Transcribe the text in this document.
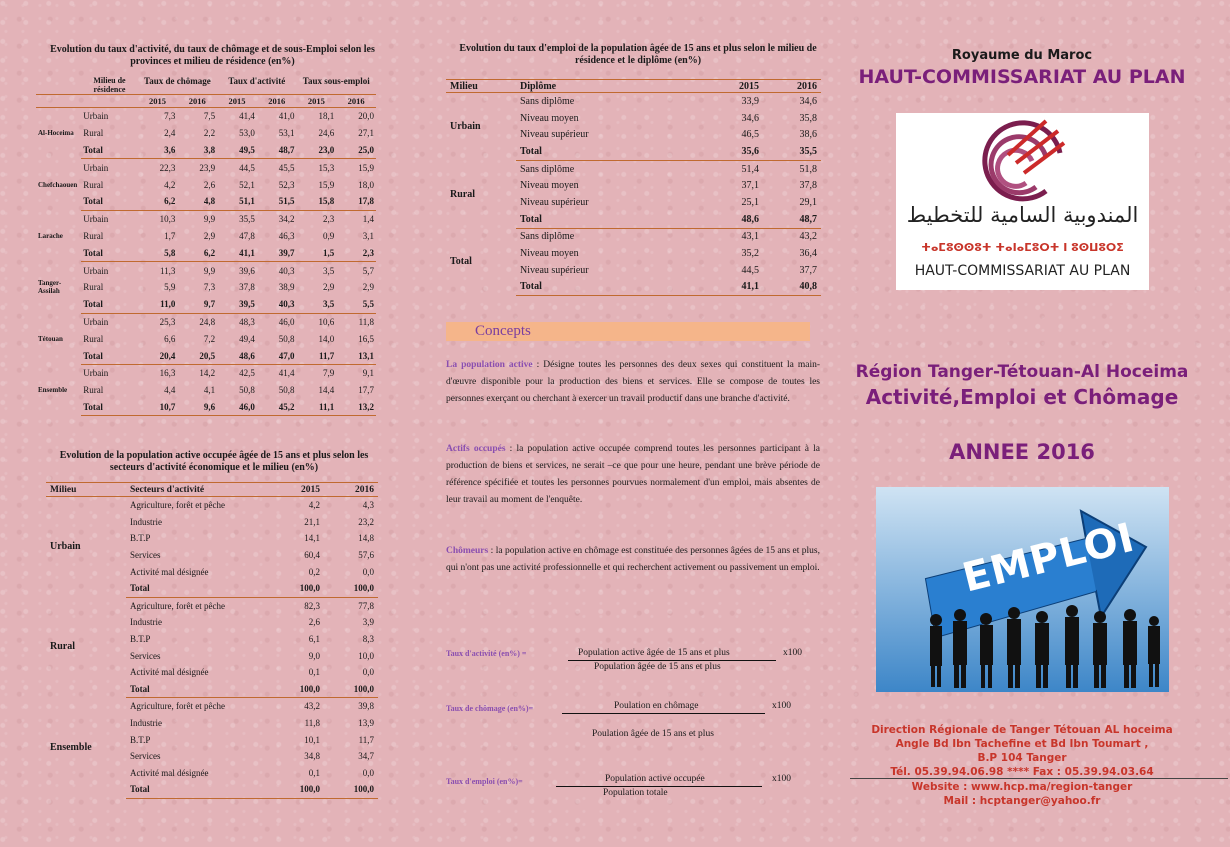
Evolution du taux d'activité, du taux de chômage et de sous-Emploi selon les provinces et milieu de résidence (en%)
	Milieu de résidence	Taux de chômage		Taux d'activité		Taux sous-emploi	
		2015	2016	2015	2016	2015	2016
Al-Hoceima	Urbain	7,3	7,5	41,4	41,0	18,1	20,0
	Rural	2,4	2,2	53,0	53,1	24,6	27,1
	Total	3,6	3,8	49,5	48,7	23,0	25,0
Chefchaouen	Urbain	22,3	23,9	44,5	45,5	15,3	15,9
	Rural	4,2	2,6	52,1	52,3	15,9	18,0
	Total	6,2	4,8	51,1	51,5	15,8	17,8
Larache	Urbain	10,3	9,9	35,5	34,2	2,3	1,4
	Rural	1,7	2,9	47,8	46,3	0,9	3,1
	Total	5,8	6,2	41,1	39,7	1,5	2,3
Tanger-Assilah	Urbain	11,3	9,9	39,6	40,3	3,5	5,7
	Rural	5,9	7,3	37,8	38,9	2,9	2,9
	Total	11,0	9,7	39,5	40,3	3,5	5,5
Tétouan	Urbain	25,3	24,8	48,3	46,0	10,6	11,8
	Rural	6,6	7,2	49,4	50,8	14,0	16,5
	Total	20,4	20,5	48,6	47,0	11,7	13,1
Ensemble	Urbain	16,3	14,2	42,5	41,4	7,9	9,1
	Rural	4,4	4,1	50,8	50,8	14,4	17,7
	Total	10,7	9,6	46,0	45,2	11,1	13,2
Evolution de la population active occupée âgée de 15 ans et plus selon les secteurs d'activité économique et le milieu (en%)
Milieu	Secteurs d'activité	2015	2016
Urbain	Agriculture, forêt et pêche	4,2	4,3
	Industrie	21,1	23,2
	B.T.P	14,1	14,8
	Services	60,4	57,6
	Activité mal désignée	0,2	0,0
	Total	100,0	100,0
Rural	Agriculture, forêt et pêche	82,3	77,8
	Industrie	2,6	3,9
	B.T.P	6,1	8,3
	Services	9,0	10,0
	Activité mal désignée	0,1	0,0
	Total	100,0	100,0
Ensemble	Agriculture, forêt et pêche	43,2	39,8
	Industrie	11,8	13,9
	B.T.P	10,1	11,7
	Services	34,8	34,7
	Activité mal désignée	0,1	0,0
	Total	100,0	100,0
Evolution du taux d'emploi de la population âgée de 15 ans et plus selon le milieu de résidence et le diplôme (en%)
Milieu	Diplôme	2015	2016
Urbain	Sans diplôme	33,9	34,6
	Niveau moyen	34,6	35,8
	Niveau supérieur	46,5	38,6
	Total	35,6	35,5
Rural	Sans diplôme	51,4	51,8
	Niveau moyen	37,1	37,8
	Niveau supérieur	25,1	29,1
	Total	48,6	48,7
Total	Sans diplôme	43,1	43,2
	Niveau moyen	35,2	36,4
	Niveau supérieur	44,5	37,7
	Total	41,1	40,8
Concepts
La population active : Désigne toutes les personnes des deux sexes qui constituent la main-d'œuvre disponible pour la production des biens et services. Elle se compose de toutes les personnes exerçant ou cherchant à exercer un travail productif dans une branche d'activité.
Actifs occupés : la population active occupée comprend toutes les personnes participant à la production de biens et services, ne serait –ce que pour une heure, pendant une brève période de référence spécifiée et toutes les personnes pourvues normalement d'un emploi, mais absentes de leur travail au moment de l'enquête.
Chômeurs : la population active en chômage est constituée des personnes âgées de 15 ans et plus, qui n'ont pas une activité professionnelle et qui recherchent activement ou passivement un emploi.
Taux d'activité (en%) =	Population active âgée de 15 ans et plus
Population âgée de 15 ans et plus
x100
Taux de chômage (en%)=	Poulation en chômage
Poulation âgée de 15 ans et plus
x100
Taux d'emploi (en%)=	Population active occupée
Population totale
x100
Royaume du Maroc
HAUT-COMMISSARIAT AU PLAN
المندوبية السامية للتخطيط
ⵜⴰⵎⵓⵙⵙⵓⵜ ⵜⴰⵏⴰⵎⵓⵔⵜ ⵏ ⵓⵙⵡⵓⵔⵉ
HAUT-COMMISSARIAT AU PLAN
Région Tanger-Tétouan-Al Hoceima
Activité,Emploi et Chômage
ANNEE 2016
EMPLOI
Direction Régionale de Tanger Tétouan AL hoceima
Angle Bd Ibn Tachefine et Bd Ibn Toumart ,
B.P 104 Tanger
Tél. 05.39.94.06.98 **** Fax : 05.39.94.03.64
Website : www.hcp.ma/region-tanger
Mail : hcptanger@yahoo.fr
